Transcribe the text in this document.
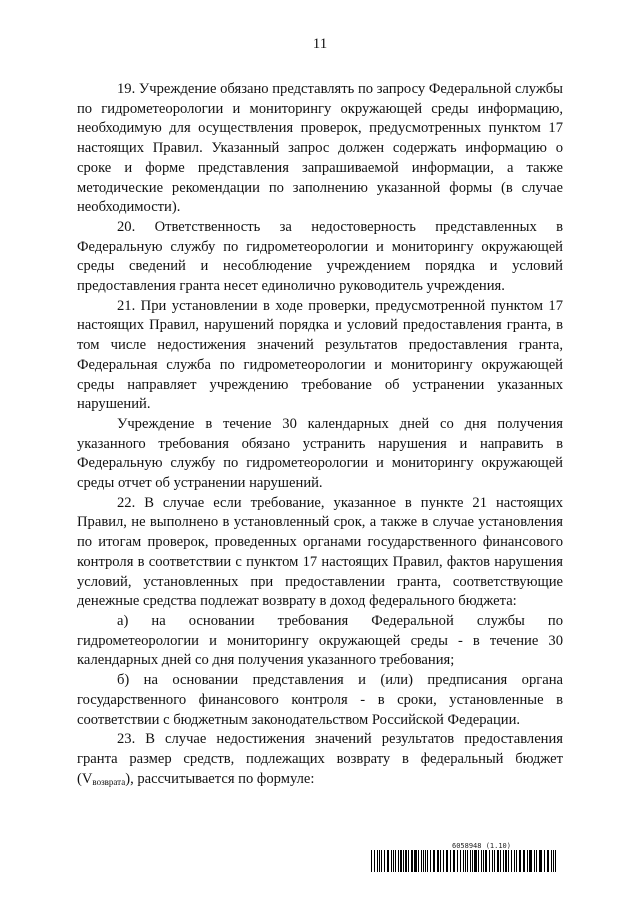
11

19. Учреждение обязано представлять по запросу Федеральной службы по гидрометеорологии и мониторингу окружающей среды информацию, необходимую для осуществления проверок, предусмотренных пунктом 17 настоящих Правил. Указанный запрос должен содержать информацию о сроке и форме представления запрашиваемой информации, а также методические рекомендации по заполнению указанной формы (в случае необходимости).

20. Ответственность за недостоверность представленных в Федеральную службу по гидрометеорологии и мониторингу окружающей среды сведений и несоблюдение учреждением порядка и условий предоставления гранта несет единолично руководитель учреждения.

21. При установлении в ходе проверки, предусмотренной пунктом 17 настоящих Правил, нарушений порядка и условий предоставления гранта, в том числе недостижения значений результатов предоставления гранта, Федеральная служба по гидрометеорологии и мониторингу окружающей среды направляет учреждению требование об устранении указанных нарушений.

Учреждение в течение 30 календарных дней со дня получения указанного требования обязано устранить нарушения и направить в Федеральную службу по гидрометеорологии и мониторингу окружающей среды отчет об устранении нарушений.

22. В случае если требование, указанное в пункте 21 настоящих Правил, не выполнено в установленный срок, а также в случае установления по итогам проверок, проведенных органами государственного финансового контроля в соответствии с пунктом 17 настоящих Правил, фактов нарушения условий, установленных при предоставлении гранта, соответствующие денежные средства подлежат возврату в доход федерального бюджета:

а) на основании требования Федеральной службы по гидрометеорологии и мониторингу окружающей среды - в течение 30 календарных дней со дня получения указанного требования;

б) на основании представления и (или) предписания органа государственного финансового контроля - в сроки, установленные в соответствии с бюджетным законодательством Российской Федерации.

23. В случае недостижения значений результатов предоставления гранта размер средств, подлежащих возврату в федеральный бюджет $(V_{возврата})$, рассчитывается по формуле:

6058948 (1.10)
